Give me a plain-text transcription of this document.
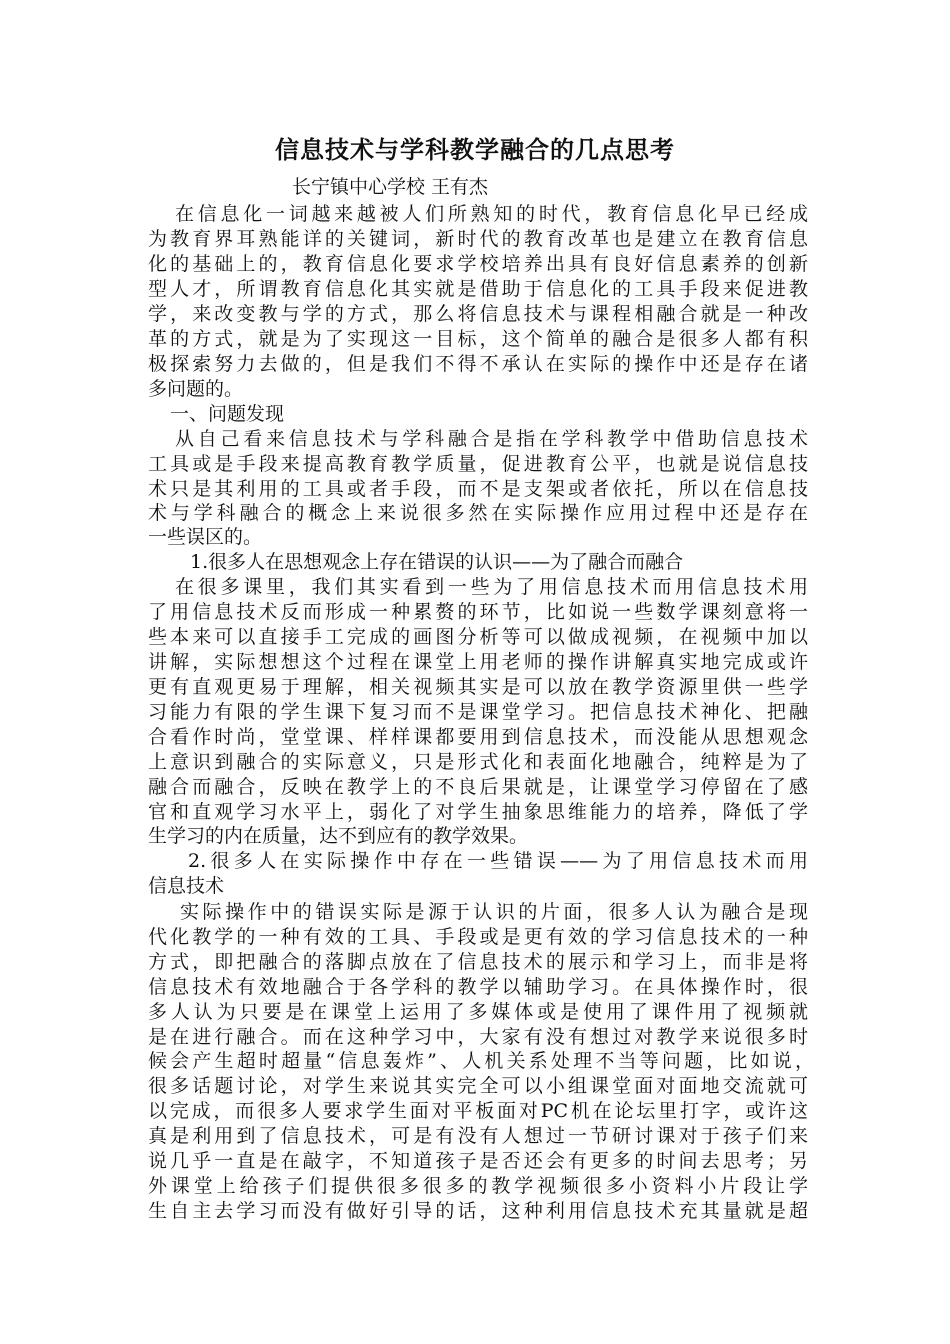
信息技术与学科教学融合的几点思考
长宁镇中心学校 王有杰
在信息化一词越来越被人们所熟知的时代，教育信息化早已经成
为教育界耳熟能详的关键词，新时代的教育改革也是建立在教育信息
化的基础上的，教育信息化要求学校培养出具有良好信息素养的创新
型人才，所谓教育信息化其实就是借助于信息化的工具手段来促进教
学，来改变教与学的方式，那么将信息技术与课程相融合就是一种改
革的方式，就是为了实现这一目标，这个简单的融合是很多人都有积
极探索努力去做的，但是我们不得不承认在实际的操作中还是存在诸
多问题的。
一、问题发现
从自己看来信息技术与学科融合是指在学科教学中借助信息技术
工具或是手段来提高教育教学质量，促进教育公平，也就是说信息技
术只是其利用的工具或者手段，而不是支架或者依托，所以在信息技
术与学科融合的概念上来说很多然在实际操作应用过程中还是存在
一些误区的。
1.很多人在思想观念上存在错误的认识——为了融合而融合
在很多课里，我们其实看到一些为了用信息技术而用信息技术用
了用信息技术反而形成一种累赘的环节，比如说一些数学课刻意将一
些本来可以直接手工完成的画图分析等可以做成视频，在视频中加以
讲解，实际想想这个过程在课堂上用老师的操作讲解真实地完成或许
更有直观更易于理解，相关视频其实是可以放在教学资源里供一些学
习能力有限的学生课下复习而不是课堂学习。把信息技术神化、把融
合看作时尚，堂堂课、样样课都要用到信息技术，而没能从思想观念
上意识到融合的实际意义，只是形式化和表面化地融合，纯粹是为了
融合而融合，反映在教学上的不良后果就是，让课堂学习停留在了感
官和直观学习水平上，弱化了对学生抽象思维能力的培养，降低了学
生学习的内在质量，达不到应有的教学效果。
2.很多人在实际操作中存在一些错误——为了用信息技术而用
信息技术
实际操作中的错误实际是源于认识的片面，很多人认为融合是现
代化教学的一种有效的工具、手段或是更有效的学习信息技术的一种
方式，即把融合的落脚点放在了信息技术的展示和学习上，而非是将
信息技术有效地融合于各学科的教学以辅助学习。在具体操作时，很
多人认为只要是在课堂上运用了多媒体或是使用了课件用了视频就
是在进行融合。而在这种学习中，大家有没有想过对教学来说很多时
候会产生超时超量“信息轰炸”、人机关系处理不当等问题，比如说，
很多话题讨论，对学生来说其实完全可以小组课堂面对面地交流就可
以完成，而很多人要求学生面对平板面对PC机在论坛里打字，或许这
真是利用到了信息技术，可是有没有人想过一节研讨课对于孩子们来
说几乎一直是在敲字，不知道孩子是否还会有更多的时间去思考；另
外课堂上给孩子们提供很多很多的教学视频很多小资料小片段让学
生自主去学习而没有做好引导的话，这种利用信息技术充其量就是超
